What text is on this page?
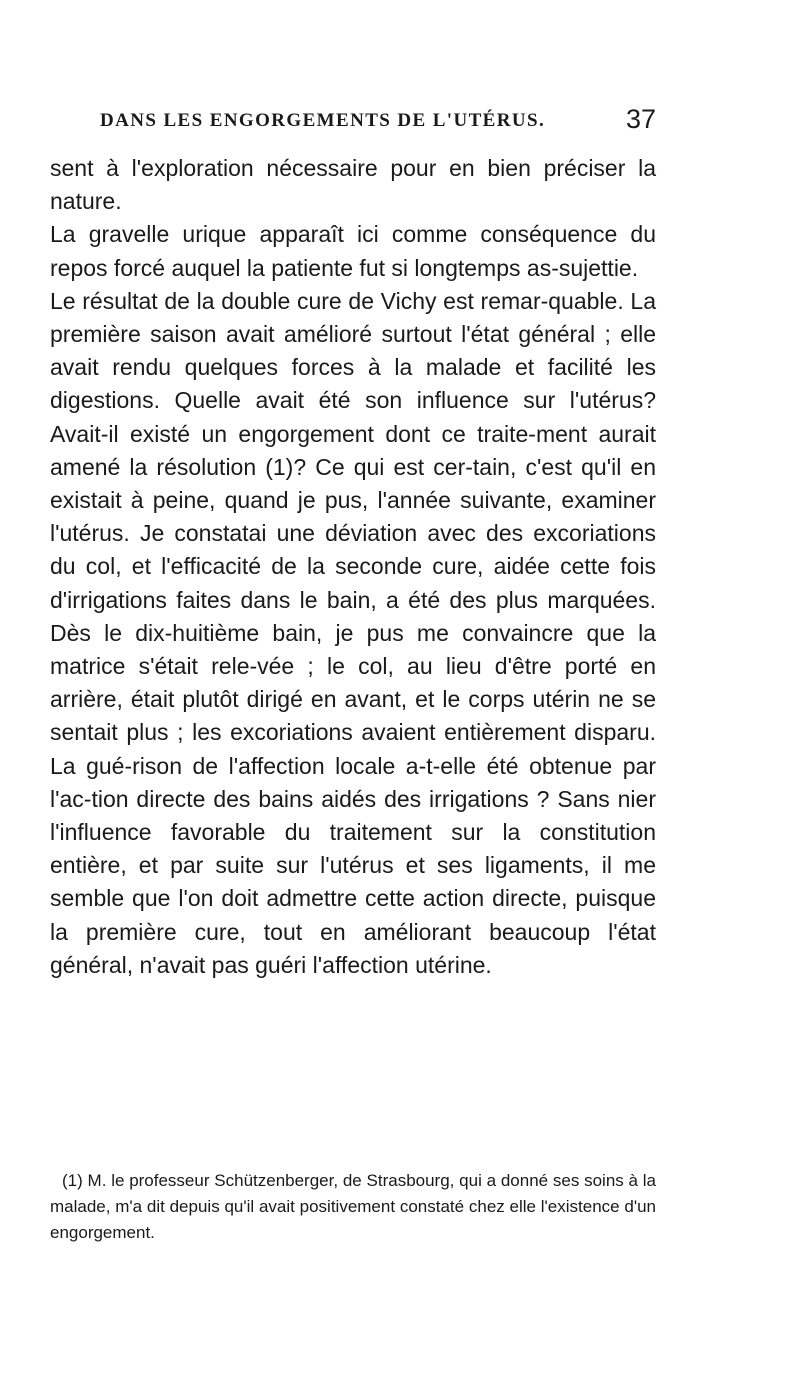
DANS LES ENGORGEMENTS DE L'UTÉRUS.	37

sent à l'exploration nécessaire pour en bien préciser la nature.

La gravelle urique apparaît ici comme conséquence du repos forcé auquel la patiente fut si longtemps as-sujettie.

Le résultat de la double cure de Vichy est remar-quable. La première saison avait amélioré surtout l'état général ; elle avait rendu quelques forces à la malade et facilité les digestions. Quelle avait été son influence sur l'utérus? Avait-il existé un engorgement dont ce traite-ment aurait amené la résolution (1)? Ce qui est cer-tain, c'est qu'il en existait à peine, quand je pus, l'année suivante, examiner l'utérus. Je constatai une déviation avec des excoriations du col, et l'efficacité de la seconde cure, aidée cette fois d'irrigations faites dans le bain, a été des plus marquées. Dès le dix-huitième bain, je pus me convaincre que la matrice s'était rele-vée ; le col, au lieu d'être porté en arrière, était plutôt dirigé en avant, et le corps utérin ne se sentait plus ; les excoriations avaient entièrement disparu. La gué-rison de l'affection locale a-t-elle été obtenue par l'ac-tion directe des bains aidés des irrigations ? Sans nier l'influence favorable du traitement sur la constitution entière, et par suite sur l'utérus et ses ligaments, il me semble que l'on doit admettre cette action directe, puisque la première cure, tout en améliorant beaucoup l'état général, n'avait pas guéri l'affection utérine.

(1) M. le professeur Schützenberger, de Strasbourg, qui a donné ses soins à la malade, m'a dit depuis qu'il avait positivement constaté chez elle l'existence d'un engorgement.
